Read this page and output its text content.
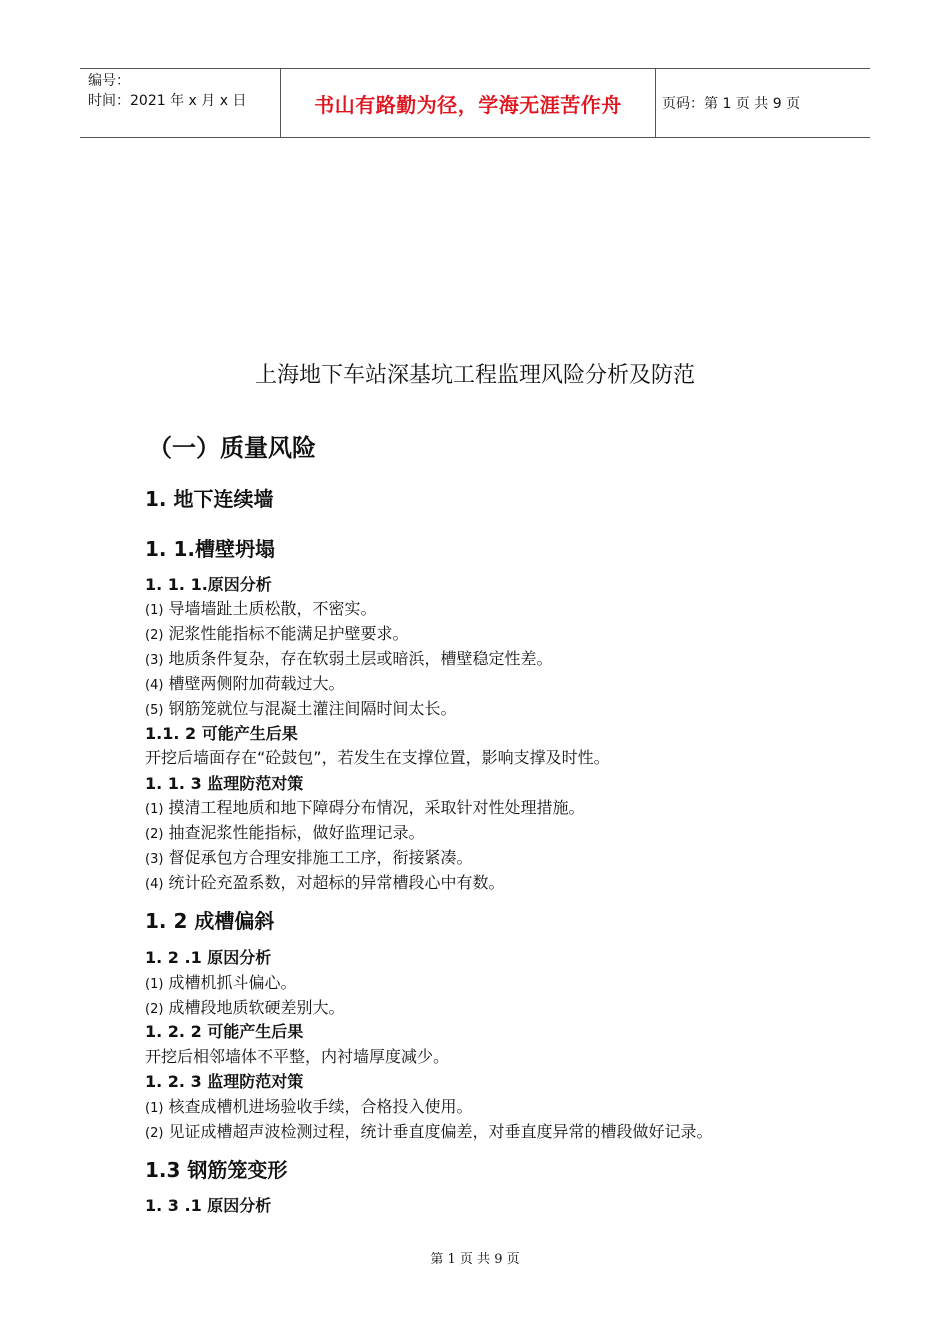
编号：
时间：2021 年 x 月 x 日	书山有路勤为径，学海无涯苦作舟	页码：第 1 页 共 9 页
上海地下车站深基坑工程监理风险分析及防范
（一）质量风险
1. 地下连续墙
1. 1.槽壁坍塌
1. 1. 1.原因分析
(1) 导墙墙趾土质松散，不密实。
(2) 泥浆性能指标不能满足护壁要求。
(3) 地质条件复杂，存在软弱土层或暗浜，槽壁稳定性差。
(4) 槽壁两侧附加荷载过大。
(5) 钢筋笼就位与混凝土灌注间隔时间太长。
1.1. 2 可能产生后果
开挖后墙面存在“砼鼓包”，若发生在支撑位置，影响支撑及时性。
1. 1. 3 监理防范对策
(1) 摸清工程地质和地下障碍分布情况，采取针对性处理措施。
(2) 抽查泥浆性能指标，做好监理记录。
(3) 督促承包方合理安排施工工序，衔接紧凑。
(4) 统计砼充盈系数，对超标的异常槽段心中有数。
1. 2 成槽偏斜
1. 2 .1 原因分析
(1) 成槽机抓斗偏心。
(2) 成槽段地质软硬差别大。
1. 2. 2 可能产生后果
开挖后相邻墙体不平整，内衬墙厚度减少。
1. 2. 3 监理防范对策
(1) 核查成槽机进场验收手续，合格投入使用。
(2) 见证成槽超声波检测过程，统计垂直度偏差，对垂直度异常的槽段做好记录。
1.3 钢筋笼变形
1. 3 .1 原因分析
第 1 页 共 9 页
